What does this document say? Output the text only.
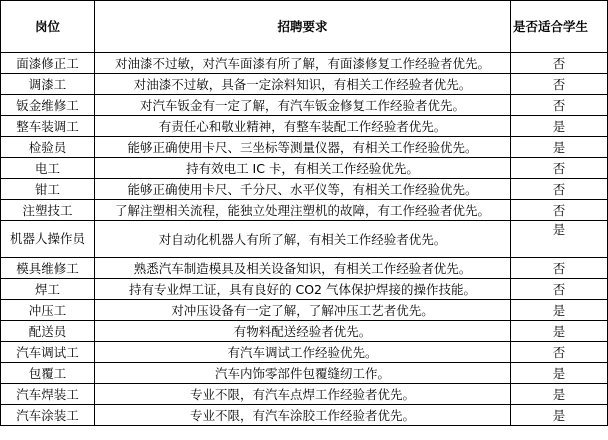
岗位	招聘要求	是否适合学生
面漆修正工	对油漆不过敏，对汽车面漆有所了解，有面漆修复工作经验者优先。	否
调漆工	对油漆不过敏，具备一定涂料知识，有相关工作经验者优先。	否
钣金维修工	对汽车钣金有一定了解，有汽车钣金修复工作经验者优先。	否
整车装调工	有责任心和敬业精神，有整车装配工作经验者优先。	是
检验员	能够正确使用卡尺、三坐标等测量仪器，有相关工作经验优先。	是
电工	持有效电工 IC 卡，有相关工作经验优先。	否
钳工	能够正确使用卡尺、千分尺、水平仪等，有相关工作经验优先。	否
注塑技工	了解注塑相关流程，能独立处理注塑机的故障，有工作经验者优先。	否
机器人操作员	对自动化机器人有所了解，有相关工作经验者优先。	是
模具维修工	熟悉汽车制造模具及相关设备知识，有相关工作经验者优先。	否
焊工	持有专业焊工证，具有良好的 CO2 气体保护焊接的操作技能。	否
冲压工	对冲压设备有一定了解，了解冲压工艺者优先。	是
配送员	有物料配送经验者优先。	是
汽车调试工	有汽车调试工作经验优先。	否
包覆工	汽车内饰零部件包覆缝纫工作。	是
汽车焊装工	专业不限，有汽车点焊工作经验者优先。	是
汽车涂装工	专业不限，有汽车涂胶工作经验者优先。	是
